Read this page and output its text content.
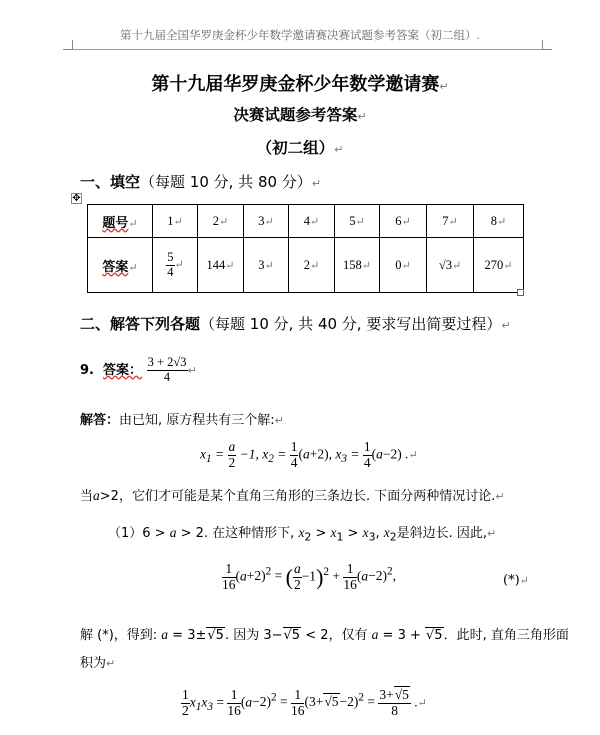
第十九届全国华罗庚金杯少年数学邀请赛决赛试题参考答案（初二组）.
第十九届华罗庚金杯少年数学邀请赛↵
决赛试题参考答案↵
（初二组）↵
一、填空（每题 10 分, 共 80 分）↵
✥
题号↵	1↵	2↵	3↵	4↵	5↵	6↵	7↵	8↵
答案↵	$\frac{5}{4}$ ↵	144↵	3↵	2↵	158↵	0↵	√3↵	270↵
二、解答下列各题（每题 10 分, 共 40 分, 要求写出简要过程）↵
9. 答案： $\frac{3 + 2√3}{4}$ ↵
解答：由已知, 原方程共有三个解:↵
$x_1 = \frac{a}{2} -1$, $x_2 = \frac{1}{4} (a+2)$, $x_3 = \frac{1}{4} (a-2)$ .↵
当a>2，它们才可能是某个直角三角形的三条边长. 下面分两种情况讨论.↵
（1）6 > a > 2. 在这种情形下, $x_2 > x_1 > x_3$, $x_2$是斜边长. 因此,↵
$\frac{1}{16} (a+2)^2$ = ( $\frac{a}{2} -1)^2 + \frac{1}{16} (a-2)^2$,	(*)↵
解 (*)，得到: a = 3±√5. 因为 3−√5 < 2，仅有 a = 3 + √5．此时, 直角三角形面
积为↵
$\frac{1}{2} x_1x_3 = \frac{1}{16} (a-2)^2 = \frac{1}{16} (3+√5-2)^2 = \frac{3+√5}{8}$ .↵
